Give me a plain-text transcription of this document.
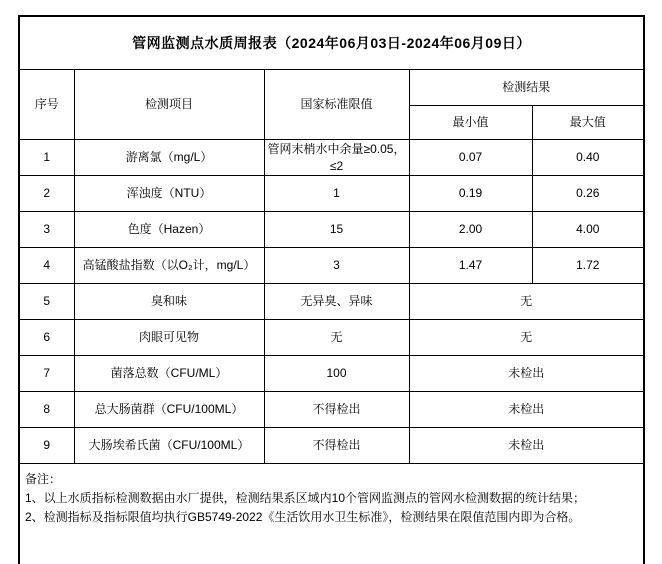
管网监测点水质周报表（2024年06月03日-2024年06月09日）				
序号	检测项目	国家标准限值	检测结果	
			最小值	最大值
1	游离氯（mg/L）	管网末梢水中余量≥0.05，≤2	0.07	0.40
2	浑浊度（NTU）	1	0.19	0.26
3	色度（Hazen）	15	2.00	4.00
4	高锰酸盐指数（以O₂计，mg/L）	3	1.47	1.72
5	臭和味	无异臭、异味	无	
6	肉眼可见物	无	无	
7	菌落总数（CFU/ML）	100	未检出	
8	总大肠菌群（CFU/100ML）	不得检出	未检出	
9	大肠埃希氏菌（CFU/100ML）	不得检出	未检出	

备注：
1、以上水质指标检测数据由水厂提供，检测结果系区域内10个管网监测点的管网水检测数据的统计结果；
2、检测指标及指标限值均执行GB5749-2022《生活饮用水卫生标准》，检测结果在限值范围内即为合格。				
